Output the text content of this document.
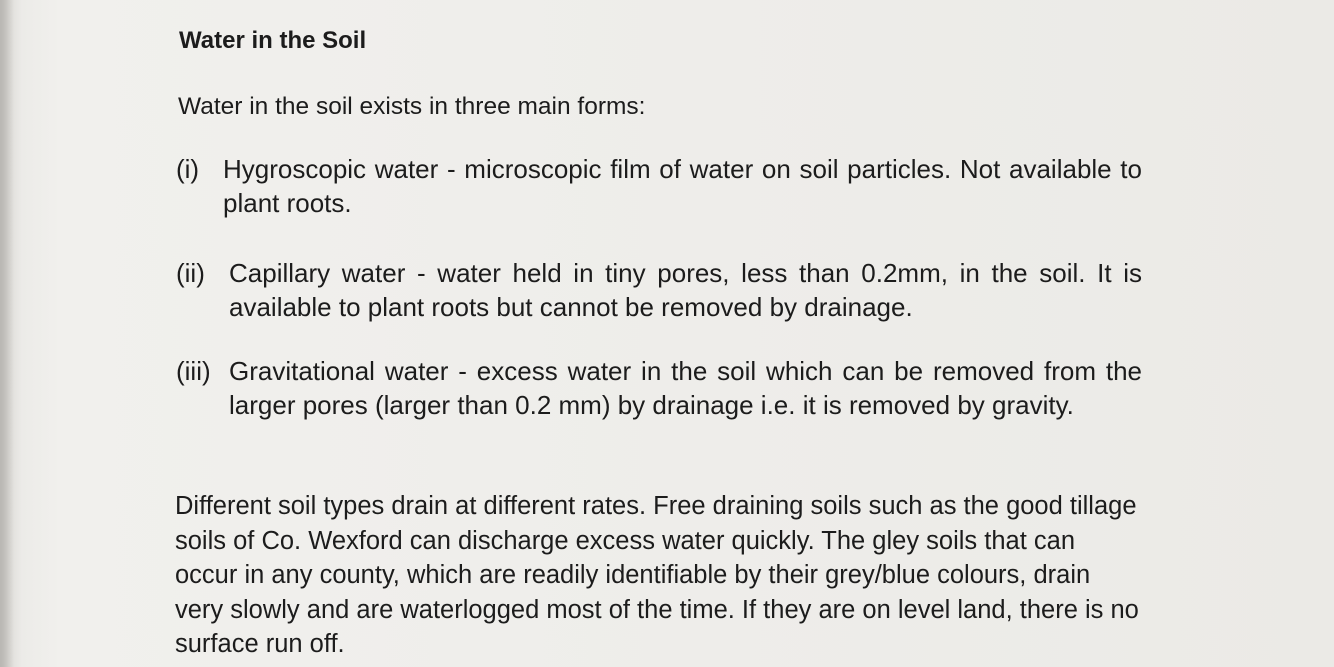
Water in the Soil
Water in the soil exists in three main forms:
(i) Hygroscopic water - microscopic film of water on soil particles. Not available to plant roots.
(ii) Capillary water - water held in tiny pores, less than 0.2mm, in the soil. It is available to plant roots but cannot be removed by drainage.
(iii) Gravitational water - excess water in the soil which can be removed from the larger pores (larger than 0.2 mm) by drainage i.e. it is removed by gravity.
Different soil types drain at different rates. Free draining soils such as the good tillage soils of Co. Wexford can discharge excess water quickly. The gley soils that can occur in any county, which are readily identifiable by their grey/blue colours, drain very slowly and are waterlogged most of the time. If they are on level land, there is no surface run off.
